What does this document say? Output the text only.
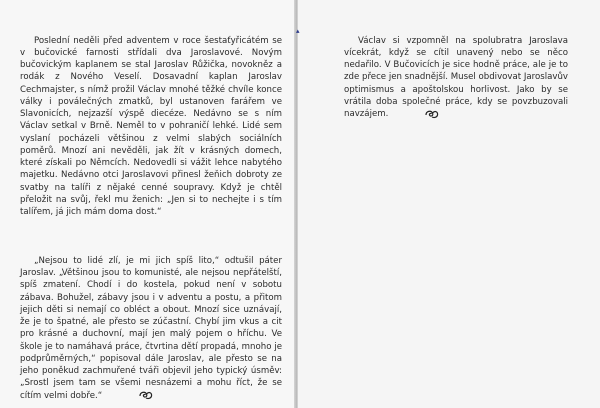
Poslední neděli před adventem v roce šestaťyřicátém se v bučovické farnosti střídali dva Jaroslavové. Novým bučovickým kaplanem se stal Jaroslav Růžička, novokněz a rodák z Nového Veselí. Dosavadní kaplan Jaroslav Cechmajster, s nímž prožil Václav mnohé těžké chvíle konce války i poválečných zmatků, byl ustanoven farářem ve Slavonicích, nejzazší výspě diecéze. Nedávno se s ním Václav setkal v Brně. Neměl to v pohraničí lehké. Lidé sem vyslaní pocházeli většinou z velmi slabých sociálních poměrů. Mnozí ani nevěděli, jak žít v krásných domech, které získali po Němcích. Nedovedli si vážit lehce nabytého majetku. Nedávno otci Jaroslavovi přinesl žeňich dobroty ze svatby na talíři z nějaké cenné soupravy. Když je chtěl přeložit na svůj, řekl mu ženich: „Jen si to nechejte i s tím talířem, já jich mám doma dost.“

„Nejsou to lidé zlí, je mi jich spíš lito,“ odtušil páter Jaroslav. „Většinou jsou to komunisté, ale nejsou nepřátelští, spíš zmatení. Chodí i do kostela, pokud není v sobotu zábava. Bohužel, zábavy jsou i v adventu a postu, a přitom jejich děti si nemají co obléct a obout. Mnozí sice uznávají, že je to špatné, ale přesto se zúčastní. Chybí jim vkus a cit pro krásné a duchovní, mají jen malý pojem o hříchu. Ve škole je to namáhavá práce, čtvrtina dětí propadá, mnoho je podprůměrných,“ popisoval dále Jaroslav, ale přesto se na jeho poněkud zachmuřené tváři objevil jeho typický úsměv: „Srostl jsem tam se všemi nesnázemi a mohu říct, že se cítím velmi dobře.“

Václav si vzpomněl na spolubratra Jaroslava vícekrát, když se cítil unavený nebo se něco nedařilo. V Bučovicích je sice hodně práce, ale je to zde přece jen snadnější. Musel obdivovat Jaroslavův optimismus a apoštolskou horlivost. Jako by se vrátila doba společné práce, kdy se povzbuzovali navzájem.

▴
